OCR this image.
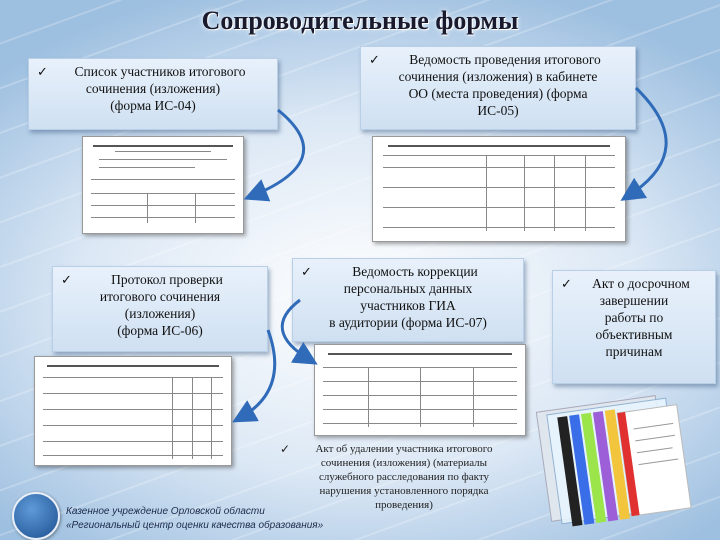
Сопроводительные формы
✓	Список участников итогового
сочинения (изложения)
(форма ИС-04)
✓	Ведомость проведения итогового
сочинения (изложения) в кабинете
ОО (места проведения) (форма
ИС-05)
✓	Протокол проверки
итогового сочинения
(изложения)
(форма ИС-06)
✓	Ведомость коррекции
персональных данных
участников ГИА
в аудитории (форма ИС-07)
✓	Акт о досрочном
завершении
работы по
объективным
причинам
✓	Акт об удалении участника итогового
сочинения (изложения) (материалы
служебного расследования по факту
нарушения установленного порядка
проведения)
Казенное учреждение Орловской области
«Региональный центр оценки качества образования»
